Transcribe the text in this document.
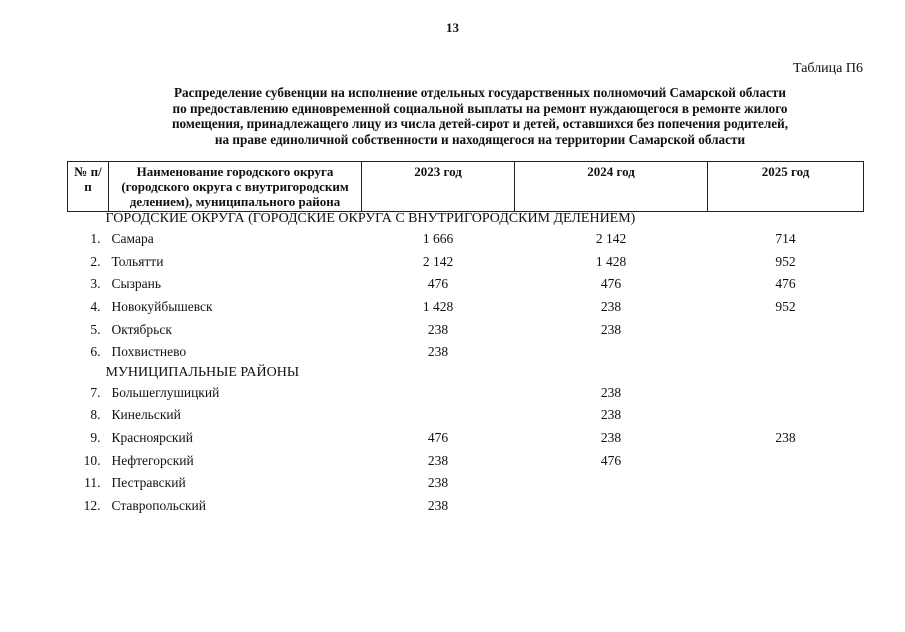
13
Таблица П6
Распределение субвенции на исполнение отдельных государственных полномочий Самарской области
по предоставлению единовременной социальной выплаты на ремонт нуждающегося в ремонте жилого
помещения, принадлежащего лицу из числа детей-сирот и детей, оставшихся без попечения родителей,
на праве единоличной собственности и находящегося на территории Самарской области
№ п/п	Наименование городского округа (городского округа с внутригородским делением), муниципального района	2023 год	2024 год	2025 год
ГОРОДСКИЕ ОКРУГА (ГОРОДСКИЕ ОКРУГА С ВНУТРИГОРОДСКИМ ДЕЛЕНИЕМ)				
1.	Самара	1 666	2 142	714
2.	Тольятти	2 142	1 428	952
3.	Сызрань	476	476	476
4.	Новокуйбышевск	1 428	238	952
5.	Октябрьск	238	238	
6.	Похвистнево	238		
МУНИЦИПАЛЬНЫЕ РАЙОНЫ				
7.	Большеглушицкий		238	
8.	Кинельский		238	
9.	Красноярский	476	238	238
10.	Нефтегорский	238	476	
11.	Пестравский	238		
12.	Ставропольский	238		
